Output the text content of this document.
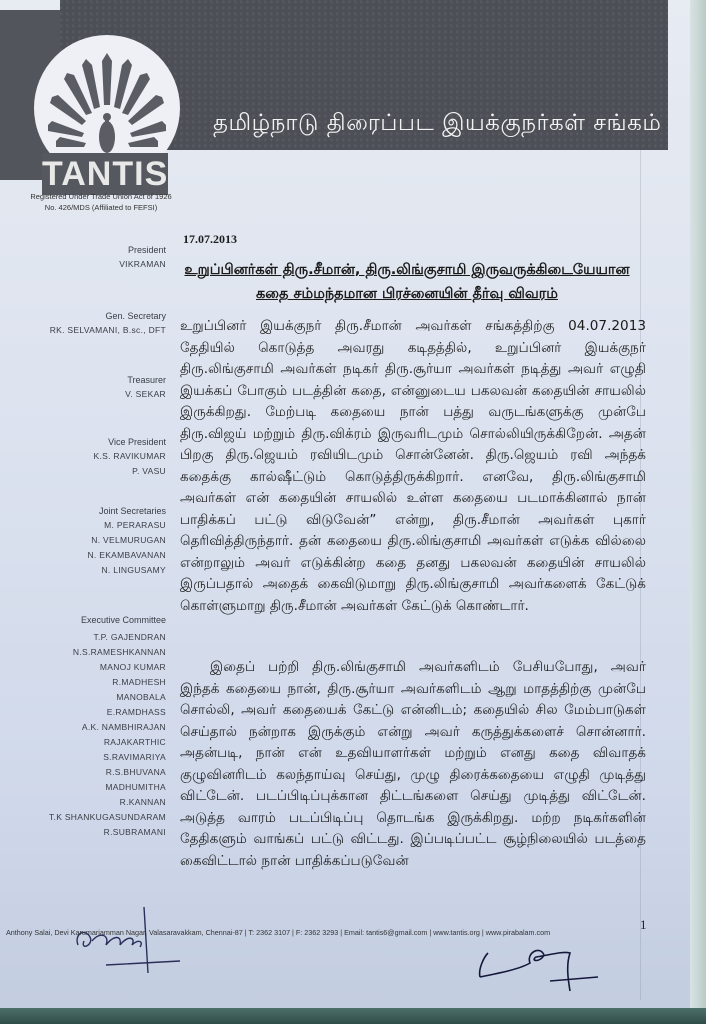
தமிழ்நாடு திரைப்பட இயக்குநர்கள் சங்கம்
TANTIS
Registered Under Trade Union Act of 1926 No. 426/MDS (Affiliated to FEFSI)
President
VIKRAMAN
Gen. Secretary
RK. SELVAMANI, B.sc., DFT
Treasurer
V. SEKAR
Vice President
K.S. RAVIKUMAR
P. VASU
Joint Secretaries
M. PERARASU
N. VELMURUGAN
N. EKAMBAVANAN
N. LINGUSAMY
Executive Committee
T.P. GAJENDRAN
N.S.RAMESHKANNAN
MANOJ KUMAR
R.MADHESH
MANOBALA
E.RAMDHASS
A.K. NAMBHIRAJAN
RAJAKARTHIC
S.RAVIMARIYA
R.S.BHUVANA
MADHUMITHA
R.KANNAN
T.K SHANKUGASUNDARAM
R.SUBRAMANI
17.07.2013
உறுப்பினர்கள் திரு.சீமான், திரு.லிங்குசாமி இருவருக்கிடையேயான
கதை சம்மந்தமான பிரச்னையின் தீர்வு விவரம்
உறுப்பினர் இயக்குநர் திரு.சீமான் அவர்கள் சங்கத்திற்கு 04.07.2013 தேதியில் கொடுத்த அவரது கடிதத்தில், உறுப்பினர் இயக்குநர் திரு.லிங்குசாமி அவர்கள் நடிகர் திரு.சூர்யா அவர்கள் நடித்து அவர் எழுதி இயக்கப் போகும் படத்தின் கதை, என்னுடைய பகலவன் கதையின் சாயலில் இருக்கிறது. மேற்படி கதையை நான் பத்து வருடங்களுக்கு முன்பே திரு.விஜய் மற்றும் திரு.விக்ரம் இருவரிடமும் சொல்லியிருக்கிறேன். அதன் பிறகு திரு.ஜெயம் ரவியிடமும் சொன்னேன். திரு.ஜெயம் ரவி அந்தக் கதைக்கு கால்ஷீட்டும் கொடுத்திருக்கிறார். எனவே, திரு.லிங்குசாமி அவர்கள் என் கதையின் சாயலில் உள்ள கதையை படமாக்கினால் நான் பாதிக்கப் பட்டு விடுவேன்” என்று, திரு.சீமான் அவர்கள் புகார் தெரிவித்திருந்தார். தன் கதையை திரு.லிங்குசாமி அவர்கள் எடுக்க வில்லை என்றாலும் அவர் எடுக்கின்ற கதை தனது பகலவன் கதையின் சாயலில் இருப்பதால் அதைக் கைவிடுமாறு திரு.லிங்குசாமி அவர்களைக் கேட்டுக் கொள்ளுமாறு திரு.சீமான் அவர்கள் கேட்டுக் கொண்டார்.
இதைப் பற்றி திரு.லிங்குசாமி அவர்களிடம் பேசியபோது, அவர் இந்தக் கதையை நான், திரு.சூர்யா அவர்களிடம் ஆறு மாதத்திற்கு முன்பே சொல்லி, அவர் கதையைக் கேட்டு என்னிடம்; கதையில் சில மேம்பாடுகள் செய்தால் நன்றாக இருக்கும் என்று அவர் கருத்துக்களைச் சொன்னார். அதன்படி, நான் என் உதவியாளர்கள் மற்றும் எனது கதை விவாதக் குழுவினரிடம் கலந்தாய்வு செய்து, முழு திரைக்கதையை எழுதி முடித்து விட்டேன். படப்பிடிப்புக்கான திட்டங்களை செய்து முடித்து விட்டேன். அடுத்த வாரம் படப்பிடிப்பு தொடங்க இருக்கிறது. மற்ற நடிகர்களின் தேதிகளும் வாங்கப் பட்டு விட்டது. இப்படிப்பட்ட சூழ்நிலையில் படத்தை கைவிட்டால் நான் பாதிக்கப்படுவேன்
1
Anthony Salai, Devi Karumariamman Nagar, Valasaravakkam, Chennai-87 | T: 2362 3107 | F: 2362 3293 | Email: tantis6@gmail.com | www.tantis.org | www.pirabalam.com
